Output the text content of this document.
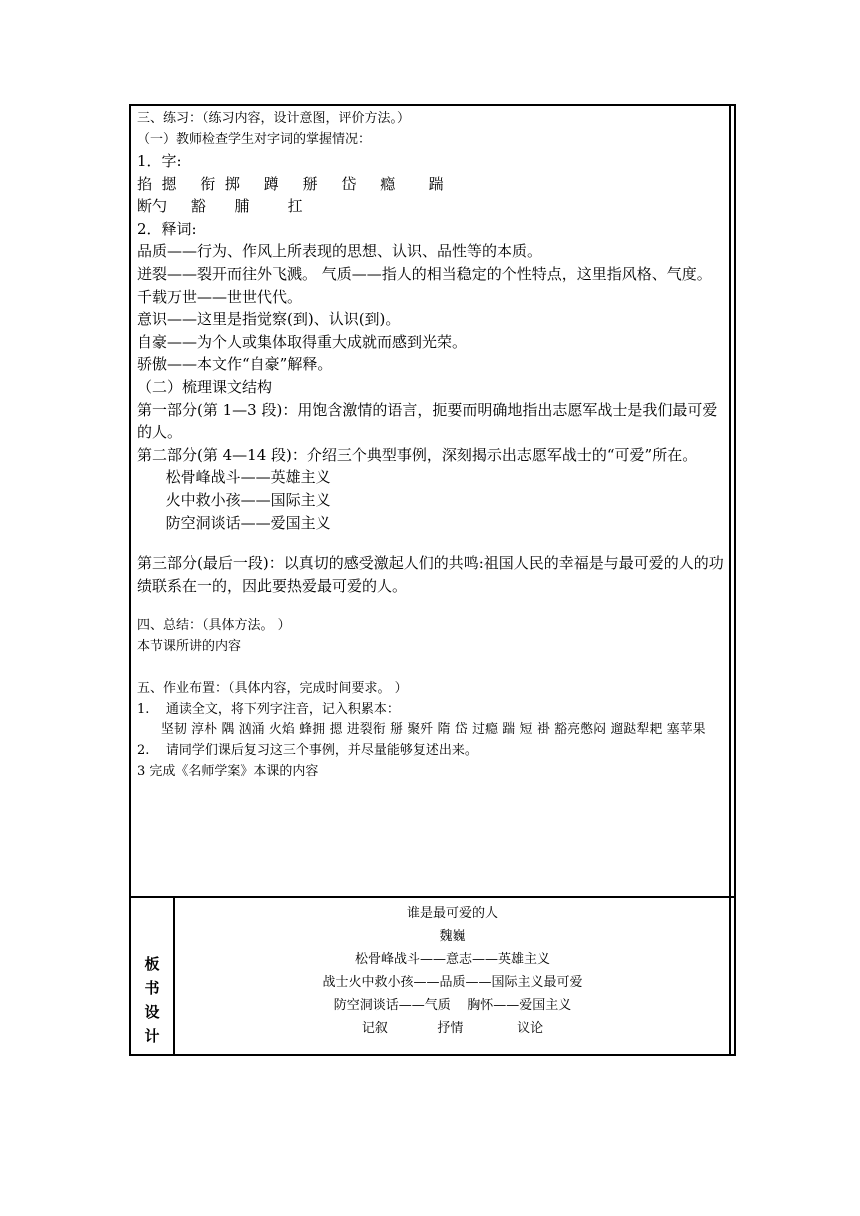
三、练习：（练习内容，设计意图，评价方法。）
（一）教师检查学生对字词的掌握情况：
1．字:
掐  摁     衔  掷     蹲     掰     岱     瘾       踹
断勺     豁      脯        扛
2．释词:
品质——行为、作风上所表现的思想、认识、品性等的本质。
迸裂——裂开而往外飞溅。 气质——指人的相当稳定的个性特点，这里指风格、气度。
千载万世——世世代代。
意识——这里是指觉察(到)、认识(到)。
自豪——为个人或集体取得重大成就而感到光荣。
骄傲——本文作“自豪”解释。
（二）梳理课文结构
第一部分(第 1—3 段)：用饱含激情的语言，扼要而明确地指出志愿军战士是我们最可爱的人。
第二部分(第 4—14 段)：介绍三个典型事例，深刻揭示出志愿军战士的“可爱”所在。
松骨峰战斗——英雄主义
火中救小孩——国际主义
防空洞谈话——爱国主义
第三部分(最后一段)：以真切的感受激起人们的共鸣:祖国人民的幸福是与最可爱的人的功绩联系在一的，因此要热爱最可爱的人。
四、总结：（具体方法。 ）
本节课所讲的内容
五、作业布置：（具体内容，完成时间要求。 ）
1.    通读全文，将下列字注音，记入积累本：
坚韧 淳朴 隅 汹涌 火焰 蜂拥 摁 进裂衔 掰 聚歼 隋 岱 过瘾 踹 短 褂 豁亮憋闷 遛跶犁耙 塞苹果
2.    请同学们课后复习这三个事例，并尽量能够复述出来。
3 完成《名师学案》本课的内容
板
书
设
计
谁是最可爱的人
魏巍
松骨峰战斗——意志——英雄主义
战士火中救小孩——品质——国际主义最可爱
防空洞谈话——气质    胸怀——爱国主义
记叙            抒情             议论
